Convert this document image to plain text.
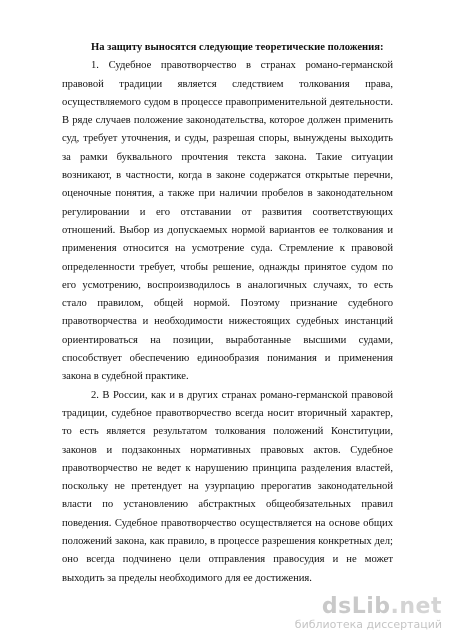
На защиту выносятся следующие теоретические положения:

1. Судебное правотворчество в странах романо-германской правовой традиции является следствием толкования права, осуществляемого судом в процессе правоприменительной деятельности. В ряде случаев положение законодательства, которое должен применить суд, требует уточнения, и суды, разрешая споры, вынуждены выходить за рамки буквального прочтения текста закона. Такие ситуации возникают, в частности, когда в законе содержатся открытые перечни, оценочные понятия, а также при наличии пробелов в законодательном регулировании и его отставании от развития соответствующих отношений. Выбор из допускаемых нормой вариантов ее толкования и применения относится на усмотрение суда. Стремление к правовой определенности требует, чтобы решение, однажды принятое судом по его усмотрению, воспроизводилось в аналогичных случаях, то есть стало правилом, общей нормой. Поэтому признание судебного правотворчества и необходимости нижестоящих судебных инстанций ориентироваться на позиции, выработанные высшими судами, способствует обеспечению единообразия понимания и применения закона в судебной практике.

2. В России, как и в других странах романо-германской правовой традиции, судебное правотворчество всегда носит вторичный характер, то есть является результатом толкования положений Конституции, законов и подзаконных нормативных правовых актов. Судебное правотворчество не ведет к нарушению принципа разделения властей, поскольку не претендует на узурпацию прерогатив законодательной власти по установлению абстрактных общеобязательных правил поведения. Судебное правотворчество осуществляется на основе общих положений закона, как правило, в процессе разрешения конкретных дел; оно всегда подчинено цели отправления правосудия и не может выходить за пределы необходимого для ее достижения.

dsLib.net
библиотека диссертаций
